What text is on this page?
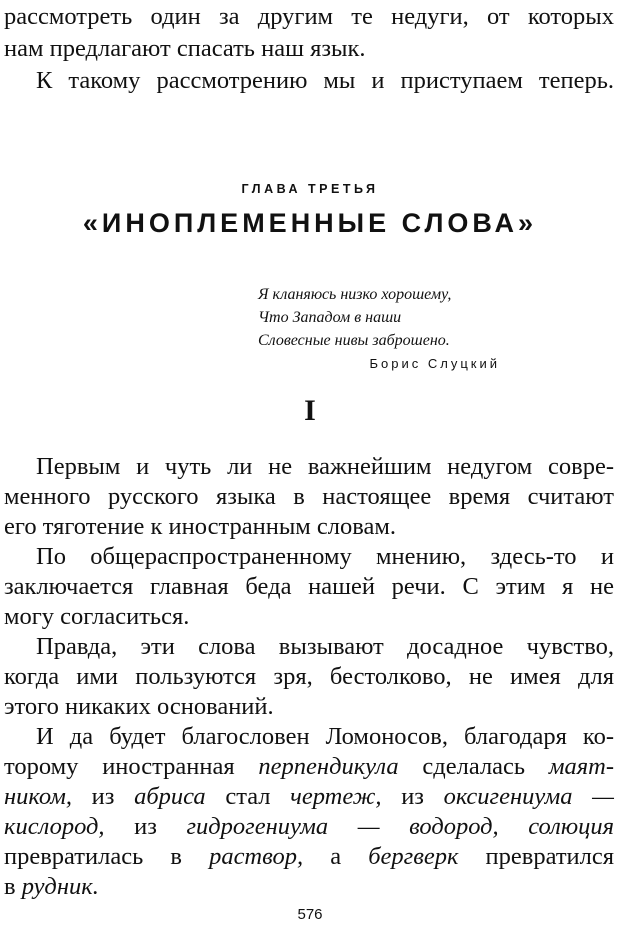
рассмотреть один за другим те недуги, от которых
нам предлагают спасать наш язык.
К такому рассмотрению мы и приступаем теперь.
ГЛАВА ТРЕТЬЯ
«ИНОПЛЕМЕННЫЕ СЛОВА»
Я кланяюсь низко хорошему,
Что Западом в наши
Словесные нивы заброшено.
Борис Слуцкий
I
Первым и чуть ли не важнейшим недугом совре-
менного русского языка в настоящее время считают
его тяготение к иностранным словам.
По общераспространенному мнению, здесь-то и
заключается главная беда нашей речи. С этим я не
могу согласиться.
Правда, эти слова вызывают досадное чувство,
когда ими пользуются зря, бестолково, не имея для
этого никаких оснований.
И да будет благословен Ломоносов, благодаря ко-
торому иностранная перпендикула сделалась маят-
ником, из абриса стал чертеж, из оксигениума —
кислород, из гидрогениума — водород, солюция
превратилась в раствор, а бергверк превратился
в рудник.
576
